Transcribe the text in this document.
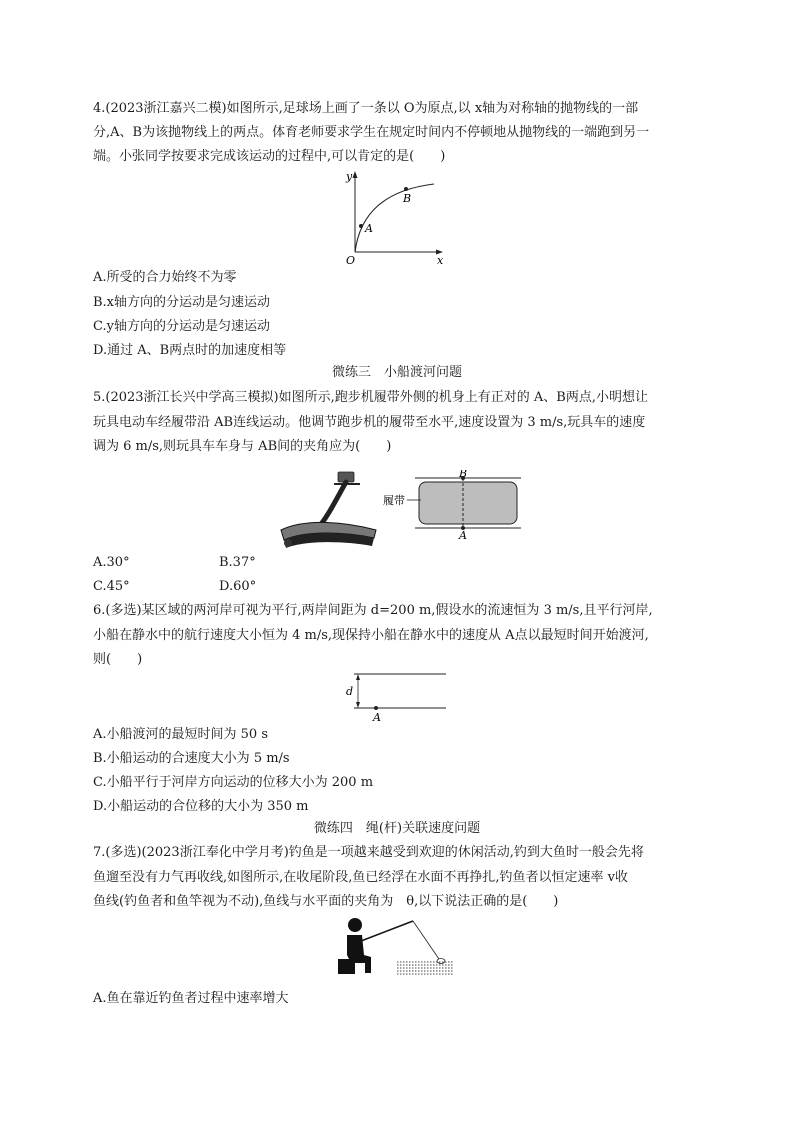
4.(2023浙江嘉兴二模)如图所示,足球场上画了一条以 O为原点,以 x轴为对称轴的抛物线的一部
分,A、B为该抛物线上的两点。体育老师要求学生在规定时间内不停顿地从抛物线的一端跑到另一
端。小张同学按要求完成该运动的过程中,可以肯定的是(　　)
y
x
O
A
B
A.所受的合力始终不为零
B.x轴方向的分运动是匀速运动
C.y轴方向的分运动是匀速运动
D.通过 A、B两点时的加速度相等
微练三　小船渡河问题
5.(2023浙江长兴中学高三模拟)如图所示,跑步机履带外侧的机身上有正对的 A、B两点,小明想让
玩具电动车经履带沿 AB连线运动。他调节跑步机的履带至水平,速度设置为 3 m/s,玩具车的速度
调为 6 m/s,则玩具车车身与 AB间的夹角应为(　　)
B
A
履带
A.30°	B.37°
C.45°	D.60°
6.(多选)某区域的两河岸可视为平行,两岸间距为 d=200 m,假设水的流速恒为 3 m/s,且平行河岸,
小船在静水中的航行速度大小恒为 4 m/s,现保持小船在静水中的速度从 A点以最短时间开始渡河,
则(　　)
d
A
A.小船渡河的最短时间为 50 s
B.小船运动的合速度大小为 5 m/s
C.小船平行于河岸方向运动的位移大小为 200 m
D.小船运动的合位移的大小为 350 m
微练四　绳(杆)关联速度问题
7.(多选)(2023浙江奉化中学月考)钓鱼是一项越来越受到欢迎的休闲活动,钓到大鱼时一般会先将
鱼遛至没有力气再收线,如图所示,在收尾阶段,鱼已经浮在水面不再挣扎,钓鱼者以恒定速率 v收
鱼线(钓鱼者和鱼竿视为不动),鱼线与水平面的夹角为　θ,以下说法正确的是(　　)
A.鱼在靠近钓鱼者过程中速率增大
